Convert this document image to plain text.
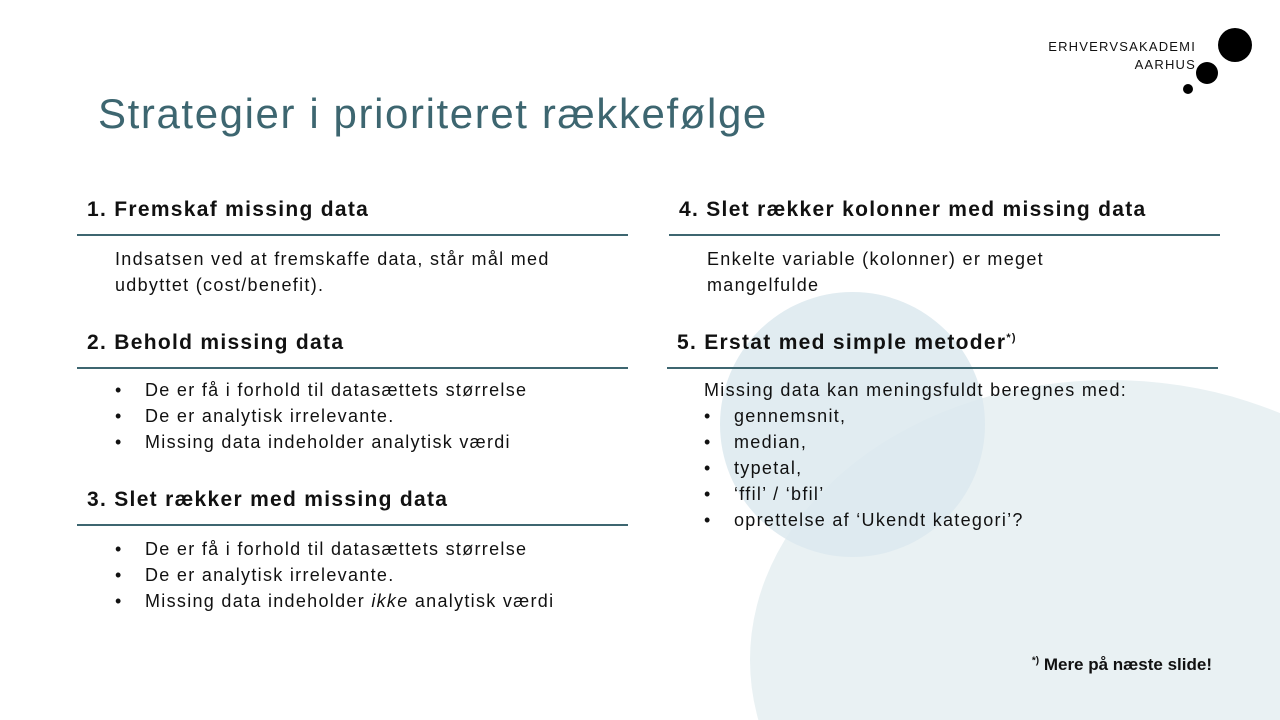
ERHVERVSAKADEMI
AARHUS
Strategier i prioriteret rækkefølge
1. Fremskaf missing data
Indsatsen ved at fremskaffe data, står mål med udbyttet (cost/benefit).
2. Behold missing data
• De er få i forhold til datasættets størrelse
• De er analytisk irrelevante.
• Missing data indeholder analytisk værdi
3. Slet rækker med missing data
• De er få i forhold til datasættets størrelse
• De er analytisk irrelevante.
• Missing data indeholder ikke analytisk værdi
4. Slet rækker kolonner med missing data
Enkelte variable (kolonner) er meget mangelfulde
5. Erstat med simple metoder*)
Missing data kan meningsfuldt beregnes med:
• gennemsnit,
• median,
• typetal,
• ‘ffil’ / ‘bfil’
• oprettelse af ‘Ukendt kategori’?
*) Mere på næste slide!
